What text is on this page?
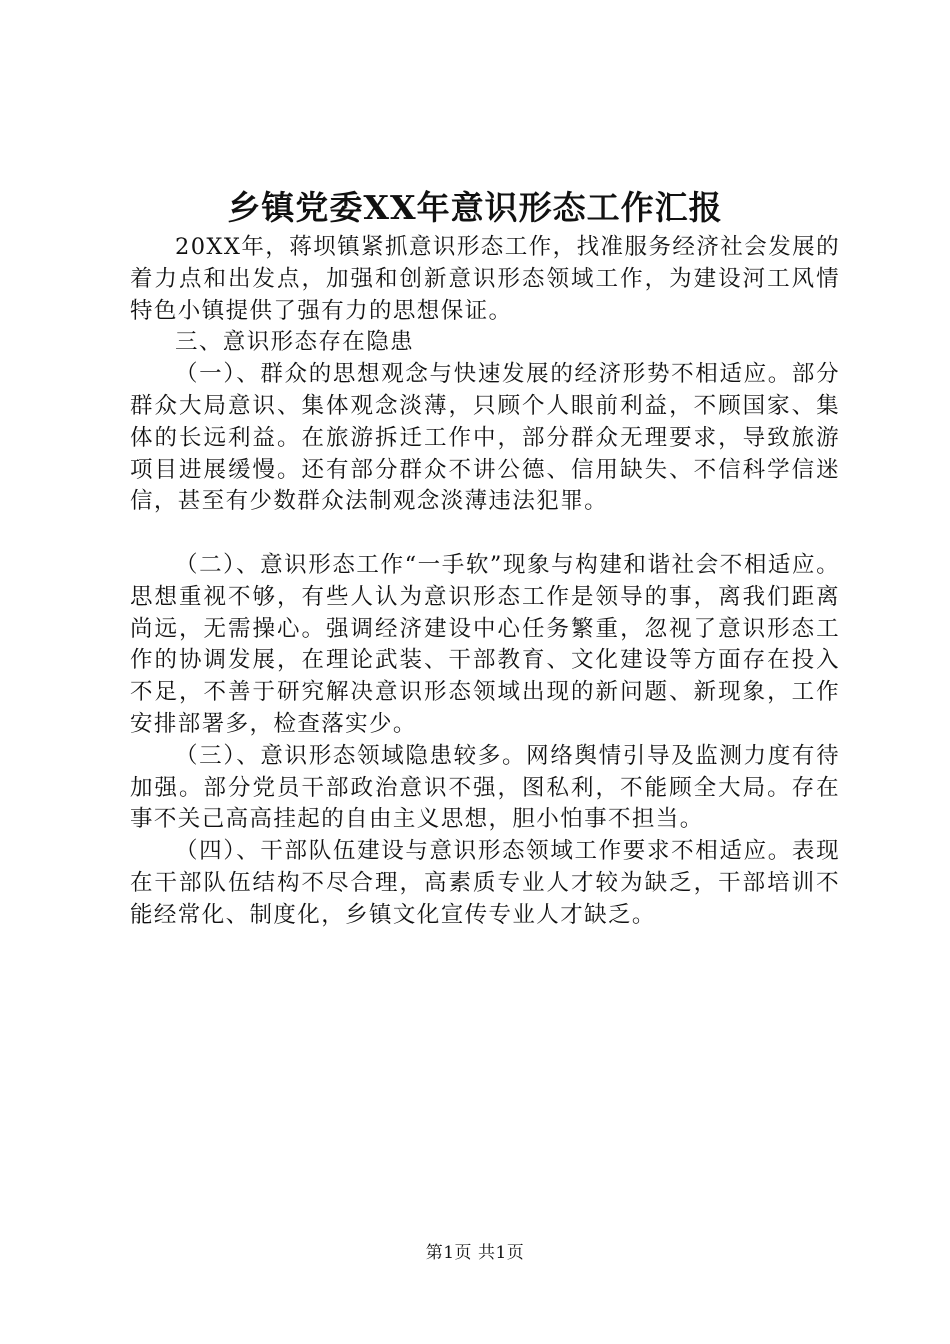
乡镇党委XX年意识形态工作汇报

20XX年，蒋坝镇紧抓意识形态工作，找准服务经济社会发展的着力点和出发点，加强和创新意识形态领域工作，为建设河工风情特色小镇提供了强有力的思想保证。

三、意识形态存在隐患

（一）、群众的思想观念与快速发展的经济形势不相适应。部分群众大局意识、集体观念淡薄，只顾个人眼前利益，不顾国家、集体的长远利益。在旅游拆迁工作中，部分群众无理要求，导致旅游项目进展缓慢。还有部分群众不讲公德、信用缺失、不信科学信迷信，甚至有少数群众法制观念淡薄违法犯罪。

（二）、意识形态工作“一手软”现象与构建和谐社会不相适应。思想重视不够，有些人认为意识形态工作是领导的事，离我们距离尚远，无需操心。强调经济建设中心任务繁重，忽视了意识形态工作的协调发展，在理论武装、干部教育、文化建设等方面存在投入不足，不善于研究解决意识形态领域出现的新问题、新现象，工作安排部署多，检查落实少。

（三）、意识形态领域隐患较多。网络舆情引导及监测力度有待加强。部分党员干部政治意识不强，图私利，不能顾全大局。存在事不关己高高挂起的自由主义思想，胆小怕事不担当。

（四）、干部队伍建设与意识形态领域工作要求不相适应。表现在干部队伍结构不尽合理，高素质专业人才较为缺乏，干部培训不能经常化、制度化，乡镇文化宣传专业人才缺乏。

第1页 共1页
